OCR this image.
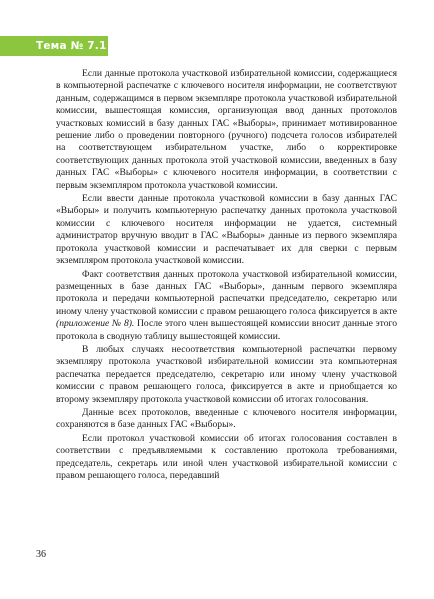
Тема № 7.1

Если данные протокола участковой избирательной комиссии, содержащиеся в компьютерной распечатке с ключевого носителя информации, не соответствуют данным, содержащимся в первом экземпляре протокола участковой избирательной комиссии, вышестоящая комиссия, организующая ввод данных протоколов участковых комиссий в базу данных ГАС «Выборы», принимает мотивированное решение либо о проведении повторного (ручного) подсчета голосов избирателей на соответствующем избирательном участке, либо о корректировке соответствующих данных протокола этой участковой комиссии, введенных в базу данных ГАС «Выборы» с ключевого носителя информации, в соответствии с первым экземпляром протокола участковой комиссии.

Если ввести данные протокола участковой комиссии в базу данных ГАС «Выборы» и получить компьютерную распечатку данных протокола участковой комиссии с ключевого носителя информации не удается, системный администратор вручную вводит в ГАС «Выборы» данные из первого экземпляра протокола участковой комиссии и распечатывает их для сверки с первым экземпляром протокола участковой комиссии.

Факт соответствия данных протокола участковой избирательной комиссии, размещенных в базе данных ГАС «Выборы», данным первого экземпляра протокола и передачи компьютерной распечатки председателю, секретарю или иному члену участковой комиссии с правом решающего голоса фиксируется в акте (приложение № 8). После этого член вышестоящей комиссии вносит данные этого протокола в сводную таблицу вышестоящей комиссии.

В любых случаях несоответствия компьютерной распечатки первому экземпляру протокола участковой избирательной комиссии эта компьютерная распечатка передается председателю, секретарю или иному члену участковой комиссии с правом решающего голоса, фиксируется в акте и приобщается ко второму экземпляру протокола участковой комиссии об итогах голосования.

Данные всех протоколов, введенные с ключевого носителя информации, сохраняются в базе данных ГАС «Выборы».

Если протокол участковой комиссии об итогах голосования составлен в соответствии с предъявляемыми к составлению протокола требованиями, председатель, секретарь или иной член участковой избирательной комиссии с правом решающего голоса, передавший

36
